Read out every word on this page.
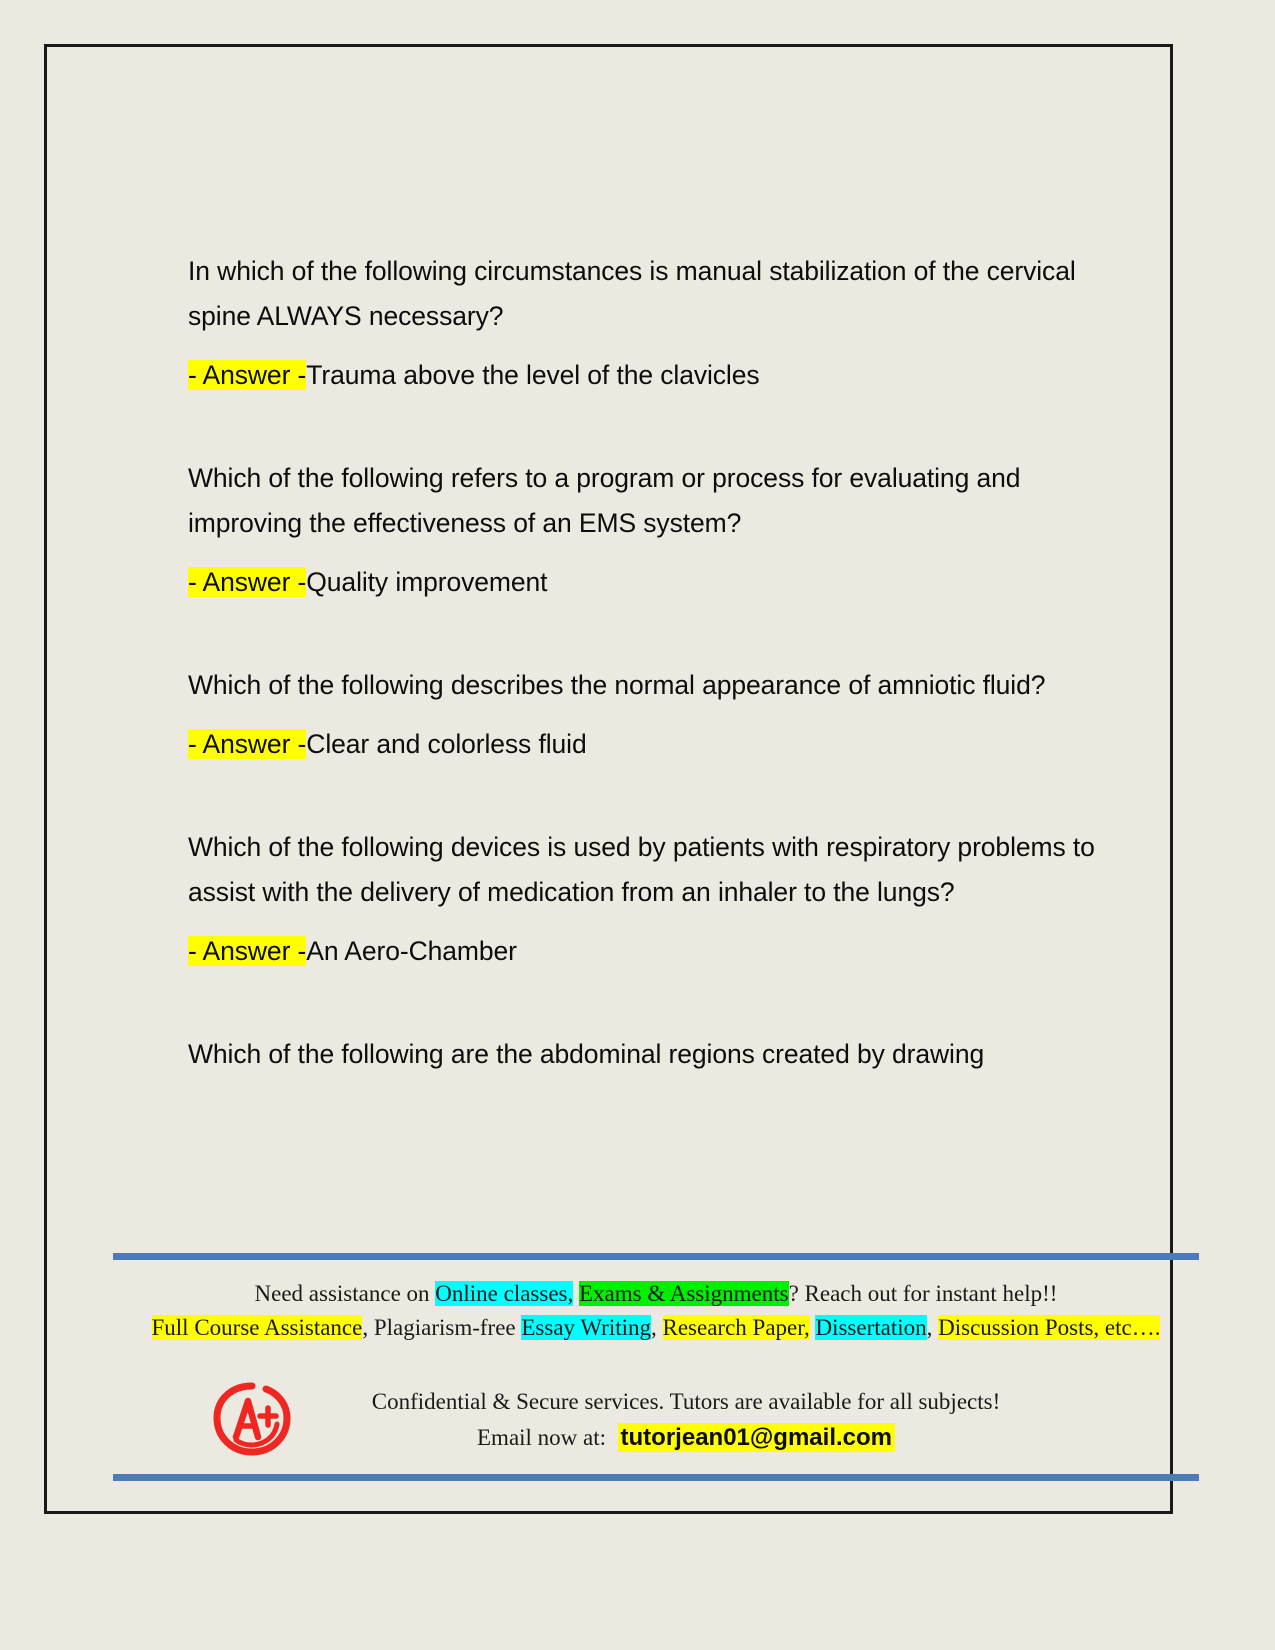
In which of the following circumstances is manual stabilization of the cervical spine ALWAYS necessary?

- Answer -Trauma above the level of the clavicles

Which of the following refers to a program or process for evaluating and improving the effectiveness of an EMS system?

- Answer -Quality improvement

Which of the following describes the normal appearance of amniotic fluid?

- Answer -Clear and colorless fluid

Which of the following devices is used by patients with respiratory problems to assist with the delivery of medication from an inhaler to the lungs?

- Answer -An Aero-Chamber

Which of the following are the abdominal regions created by drawing

Need assistance on Online classes, Exams & Assignments? Reach out for instant help!!
Full Course Assistance, Plagiarism-free Essay Writing, Research Paper, Dissertation, Discussion Posts, etc….
Confidential & Secure services. Tutors are available for all subjects!
Email now at: tutorjean01@gmail.com
